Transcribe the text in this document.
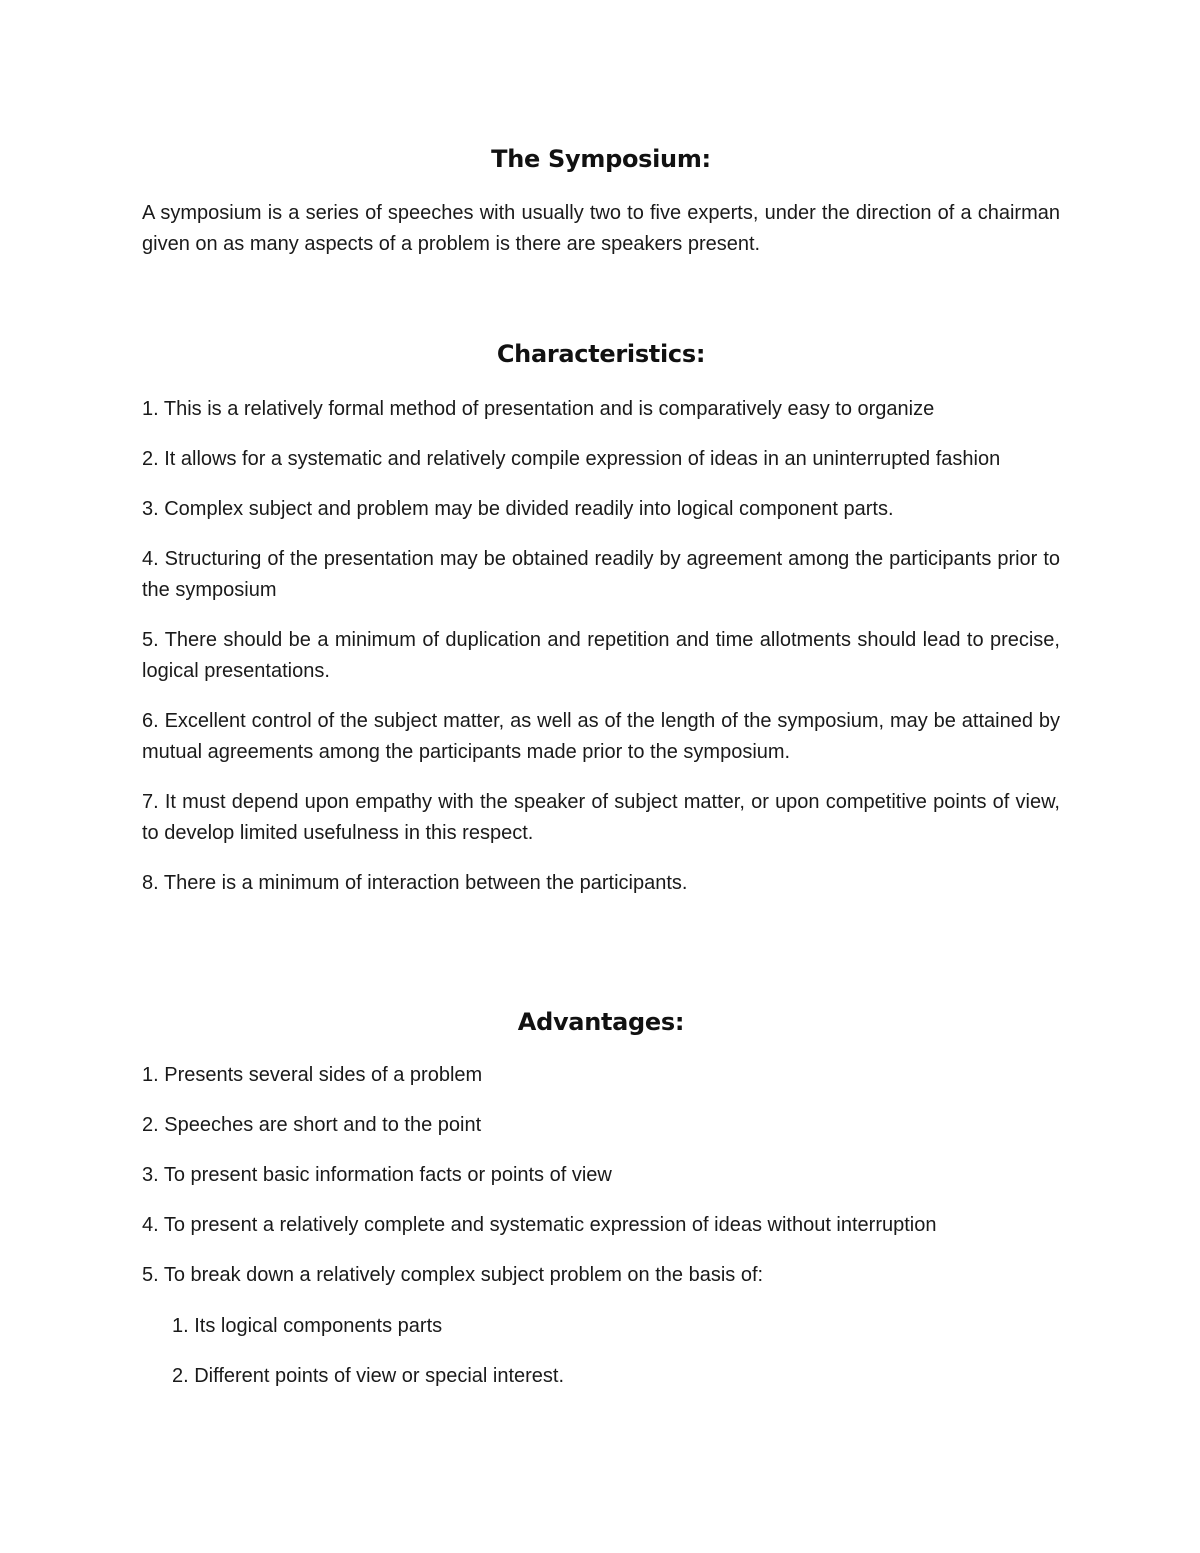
The Symposium:

A symposium is a series of speeches with usually two to five experts, under the direction of a chairman given on as many aspects of a problem is there are speakers present.

Characteristics:
1. This is a relatively formal method of presentation and is comparatively easy to organize
2. It allows for a systematic and relatively compile expression of ideas in an uninterrupted fashion
3. Complex subject and problem may be divided readily into logical component parts.
4. Structuring of the presentation may be obtained readily by agreement among the participants prior to the symposium
5. There should be a minimum of duplication and repetition and time allotments should lead to precise, logical presentations.
6. Excellent control of the subject matter, as well as of the length of the symposium, may be attained by mutual agreements among the participants made prior to the symposium.
7. It must depend upon empathy with the speaker of subject matter, or upon competitive points of view, to develop limited usefulness in this respect.
8. There is a minimum of interaction between the participants.
Advantages:
1. Presents several sides of a problem
2. Speeches are short and to the point
3. To present basic information facts or points of view
4. To present a relatively complete and systematic expression of ideas without interruption
5. To break down a relatively complex subject problem on the basis of:
1. Its logical components parts
2. Different points of view or special interest.
